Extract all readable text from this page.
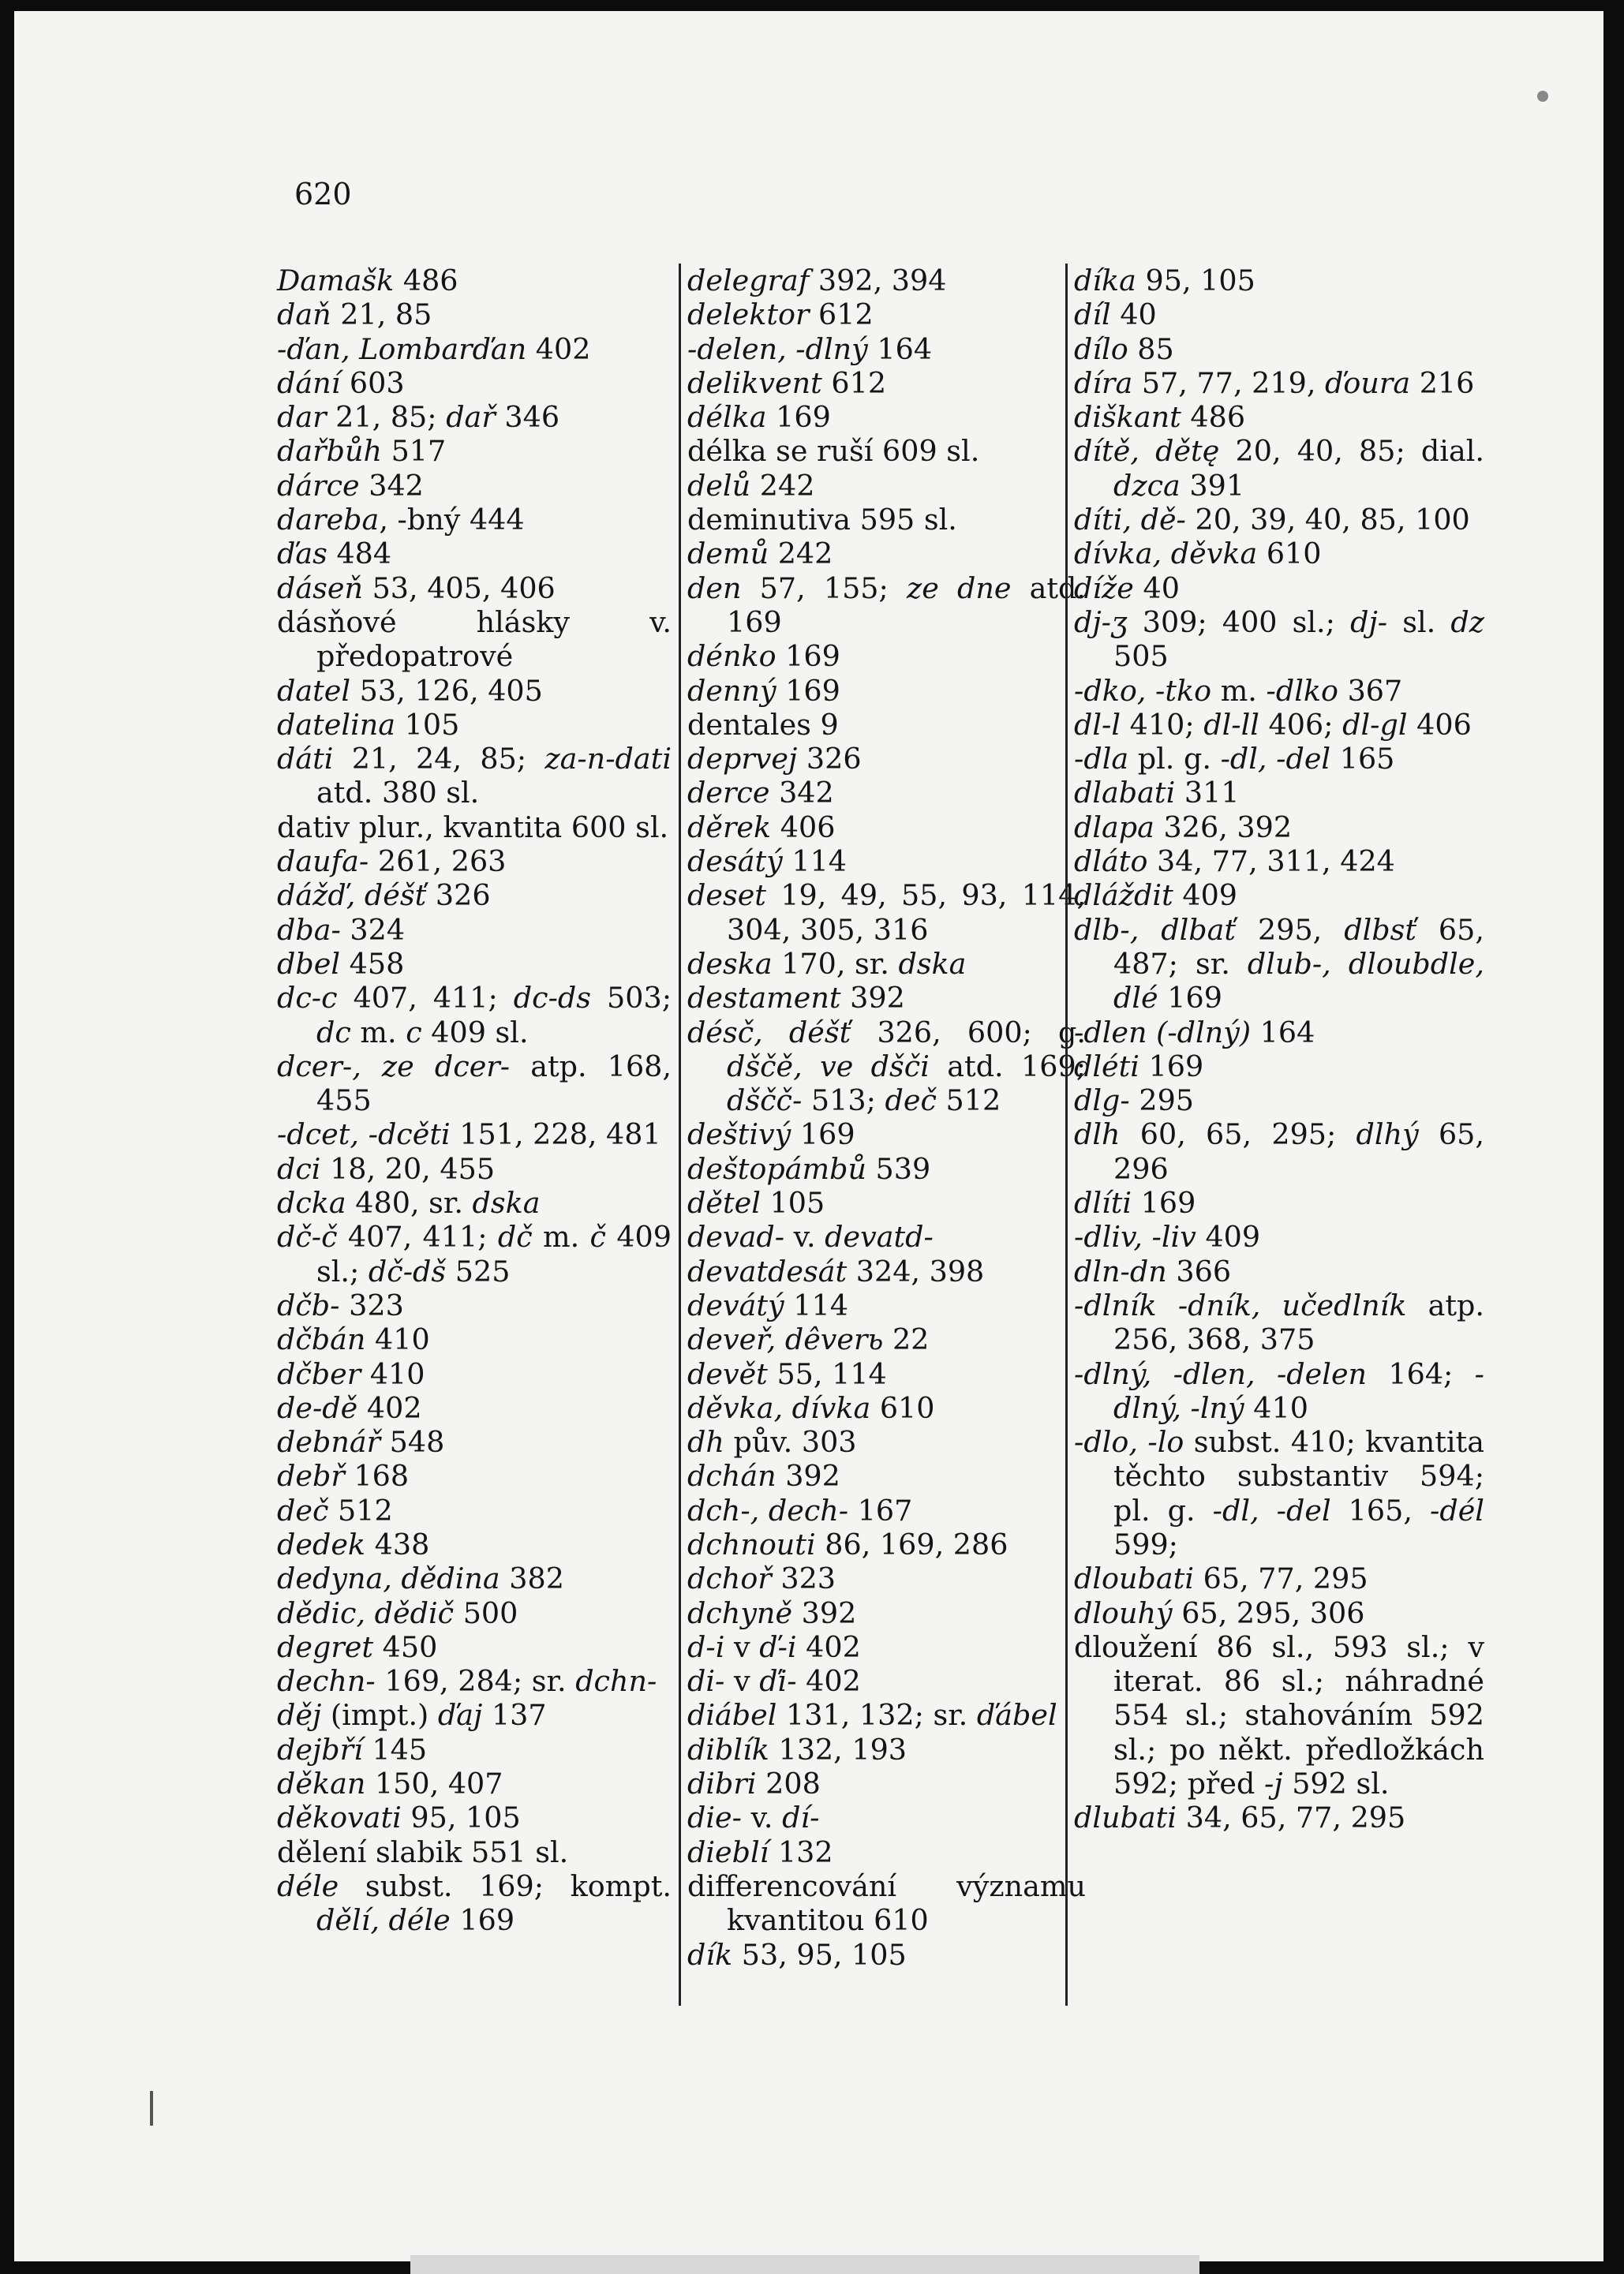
620
Damašk 486
daň 21, 85
-ďan, Lombarďan 402
dání 603
dar 21, 85; dař 346
dařbůh 517
dárce 342
dareba, -bný 444
ďas 484
dáseň 53, 405, 406
dásňové hlásky v. předopatrové
datel 53, 126, 405
datelina 105
dáti 21, 24, 85; za-n-dati atd. 380 sl.
dativ plur., kvantita 600 sl.
daufa- 261, 263
dážď, déšť 326
dba- 324
dbel 458
dc-c 407, 411; dc-ds 503; dc m. c 409 sl.
dcer-, ze dcer- atp. 168, 455
-dcet, -dcěti 151, 228, 481
dci 18, 20, 455
dcka 480, sr. dska
dč-č 407, 411; dč m. č 409 sl.; dč-dš 525
dčb- 323
dčbán 410
dčber 410
de-dě 402
debnář 548
debř 168
deč 512
dedek 438
dedyna, dědina 382
dědic, dědič 500
degret 450
dechn- 169, 284; sr. dchn-
děj (impt.) ďaj 137
dejbří 145
děkan 150, 407
děkovati 95, 105
dělení slabik 551 sl.
déle subst. 169; kompt. dělí, déle 169
delegraf 392, 394
delektor 612
-delen, -dlný 164
delikvent 612
délka 169
délka se ruší 609 sl.
delů 242
deminutiva 595 sl.
demů 242
den 57, 155; ze dne atd. 169
dénko 169
denný 169
dentales 9
deprvej 326
derce 342
děrek 406
desátý 114
deset 19, 49, 55, 93, 114, 304, 305, 316
deska 170, sr. dska
destament 392
désč, déšť 326, 600; g. dščě, ve dšči atd. 169; dščč- 513; deč 512
deštivý 169
deštopámbů 539
dětel 105
devad- v. devatd-
devatdesát 324, 398
devátý 114
deveř, dêverь 22
devět 55, 114
děvka, dívka 610
dh pův. 303
dchán 392
dch-, dech- 167
dchnouti 86, 169, 286
dchoř 323
dchyně 392
d-i v ď-i 402
di- v ďi- 402
diábel 131, 132; sr. ďábel
diblík 132, 193
dibri 208
die- v. dí-
dieblí 132
differencování významu kvantitou 610
dík 53, 95, 105
díka 95, 105
díl 40
dílo 85
díra 57, 77, 219, ďoura 216
diškant 486
dítě, dětę 20, 40, 85; dial. dzca 391
díti, dě- 20, 39, 40, 85, 100
dívka, děvka 610
díže 40
dj-ʒ 309; 400 sl.; dj- sl. dz 505
-dko, -tko m. -dlko 367
dl-l 410; dl-ll 406; dl-gl 406
-dla pl. g. -dl, -del 165
dlabati 311
dlapa 326, 392
dláto 34, 77, 311, 424
dláždit 409
dlb-, dlbať 295, dlbsť 65, 487; sr. dlub-, dloubdle, dlé 169
-dlen (-dlný) 164
dléti 169
dlg- 295
dlh 60, 65, 295; dlhý 65, 296
dlíti 169
-dliv, -liv 409
dln-dn 366
-dlník -dník, učedlník atp. 256, 368, 375
-dlný, -dlen, -delen 164; -dlný, -lný 410
-dlo, -lo subst. 410; kvantita těchto substantiv 594; pl. g. -dl, -del 165, -dél 599;
dloubati 65, 77, 295
dlouhý 65, 295, 306
dloužení 86 sl., 593 sl.; v iterat. 86 sl.; náhradné 554 sl.; stahováním 592 sl.; po někt. předložkách 592; před -j 592 sl.
dlubati 34, 65, 77, 295
